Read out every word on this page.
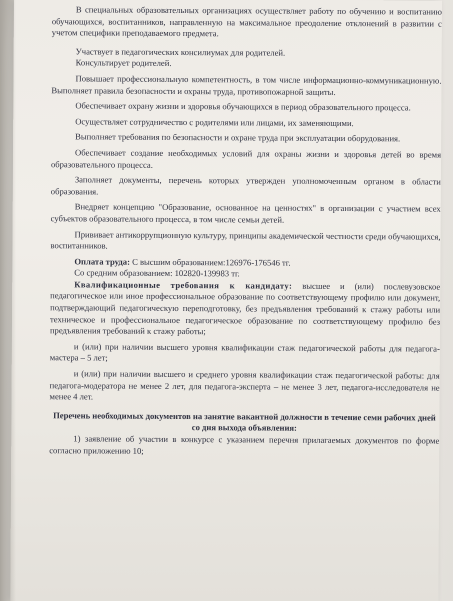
В специальных образовательных организациях осуществляет работу по обучению и воспитанию обучающихся, воспитанников, направленную на максимальное преодоление отклонений в развитии с учетом специфики преподаваемого предмета.

Участвует в педагогических консилиумах для родителей.

Консультирует родителей.

Повышает профессиональную компетентность, в том числе информационно-коммуникационную. Выполняет правила безопасности и охраны труда, противопожарной защиты.

Обеспечивает охрану жизни и здоровья обучающихся в период образовательного процесса.

Осуществляет сотрудничество с родителями или лицами, их заменяющими.

Выполняет требования по безопасности и охране труда при эксплуатации оборудования.

Обеспечивает создание необходимых условий для охраны жизни и здоровья детей во время образовательного процесса.

Заполняет документы, перечень которых утвержден уполномоченным органом в области образования.

Внедряет концепцию "Образование, основанное на ценностях" в организации с участием всех субъектов образовательного процесса, в том числе семьи детей.

Прививает антикоррупционную культуру, принципы академической честности среди обучающихся, воспитанников.

Оплата труда: С высшим образованием:126976-176546 тг.

Со средним образованием: 102820-139983 тг.

Квалификационные требования к кандидату: высшее и (или) послевузовское педагогическое или иное профессиональное образование по соответствующему профилю или документ, подтверждающий педагогическую переподготовку, без предъявления требований к стажу работы или техническое и профессиональное педагогическое образование по соответствующему профилю без предъявления требований к стажу работы;

и (или) при наличии высшего уровня квалификации стаж педагогической работы для педагога-мастера – 5 лет;

и (или) при наличии высшего и среднего уровня квалификации стаж педагогической работы: для педагога-модератора не менее 2 лет, для педагога-эксперта – не менее 3 лет, педагога-исследователя не менее 4 лет.

Перечень необходимых документов на занятие вакантной должности в течение семи рабочих дней со дня выхода объявления:

1) заявление об участии в конкурсе с указанием перечня прилагаемых документов по форме согласно приложению 10;
